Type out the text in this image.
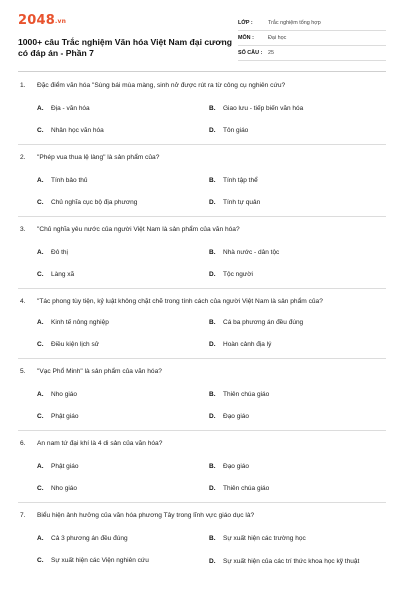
2048.vn
1000+ câu Trắc nghiệm Văn hóa Việt Nam đại cương có đáp án - Phần 7
LỚP :	Trắc nghiệm tổng hợp
MÔN :	Đại học
SỐ CÂU :	25
1.	Đặc điểm văn hóa "Sùng bái mùa màng, sinh nở được rút ra từ công cụ nghiên cứu?
A.	Địa - văn hóa	B.	Giao lưu - tiếp biến văn hóa
C.	Nhân học văn hóa	D.	Tôn giáo
2.	"Phép vua thua lệ làng" là sản phẩm của?
A.	Tính bảo thủ	B.	Tính tập thể
C.	Chủ nghĩa cục bộ địa phương	D.	Tính tự quản
3.	"Chủ nghĩa yêu nước của người Việt Nam là sản phẩm của văn hóa?
A.	Đô thị	B.	Nhà nước - dân tộc
C.	Làng xã	D.	Tộc người
4.	"Tác phong tùy tiện, kỷ luật không chặt chẽ trong tính cách của người Việt Nam là sản phẩm của?
A.	Kinh tế nông nghiệp	B.	Cá ba phương án đều đúng
C.	Điều kiện lịch sử	D.	Hoàn cảnh địa lý
5.	"Vạc Phổ Minh" là sản phẩm của văn hóa?
A.	Nho giáo	B.	Thiên chúa giáo
C.	Phật giáo	D.	Đạo giáo
6.	An nam tứ đại khí là 4 di sản của văn hóa?
A.	Phật giáo	B.	Đạo giáo
C.	Nho giáo	D.	Thiên chúa giáo
7.	Biểu hiện ảnh hưởng của văn hóa phương Tây trong lĩnh vực giáo dục là?
A.	Cả 3 phương án đều đúng	B.	Sự xuất hiện các trường học
C.	Sự xuất hiện các Viện nghiên cứu	D.	Sự xuất hiện của các trí thức khoa học kỹ thuật
